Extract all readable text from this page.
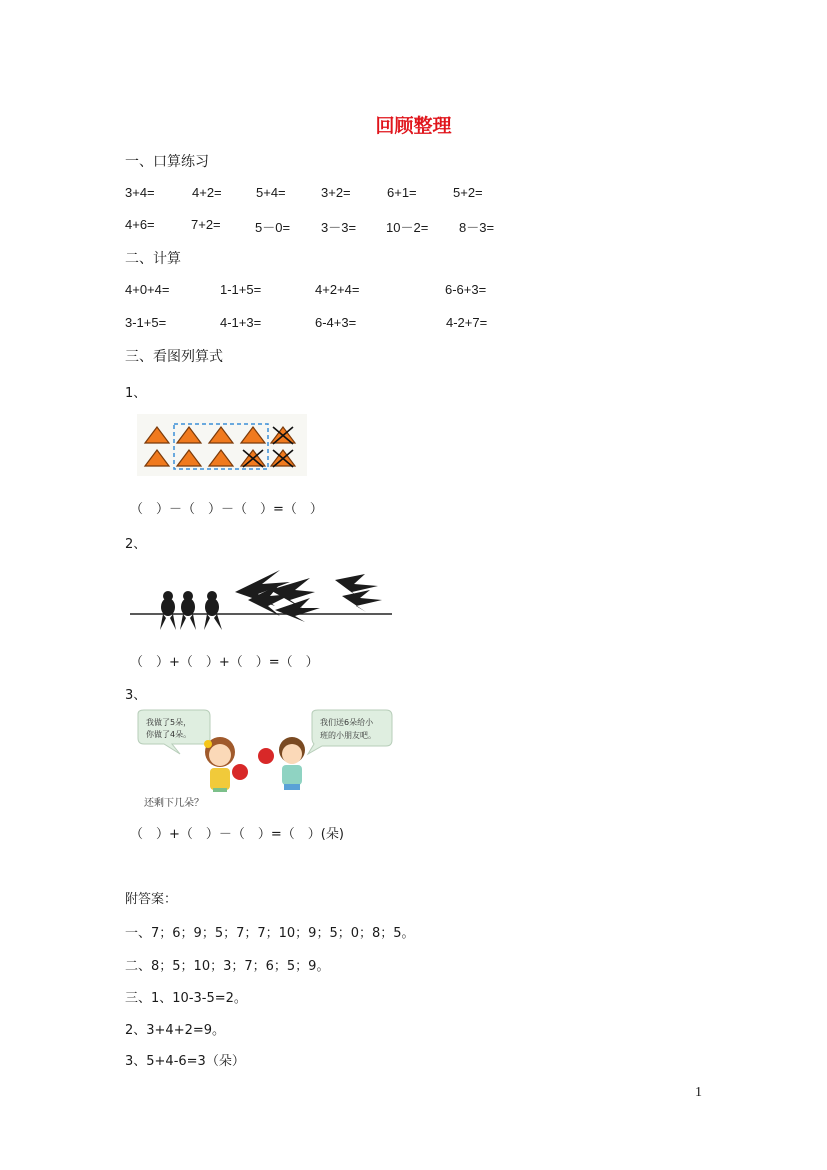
回顾整理
一、口算练习
3+4=	4+2=	5+4=	3+2=	6+1=	5+2=
4+6=	7+2=	5－0= 3－3= 10－2= 8－3=
二、计算
4+0+4=	1-1+5=	4+2+4=	6-6+3=
3-1+5=	4-1+3=	6-4+3=	4-2+7=
三、看图列算式
1、
（　）－（　）－（　）=（　）
2、
（　）+（　）+（　）=（　）
3、
我做了5朵，
你做了4朵。
我们送6朵给小
班的小朋友吧。
还剩下几朵？
（　）+（　）－（　）=（　）(朵)
附答案：
一、7；6；9；5；7；7；10；9；5；0；8；5。
二、8；5；10；3；7；6；5；9。
三、1、10-3-5=2。
2、3+4+2=9。
3、5+4-6=3（朵）
1
